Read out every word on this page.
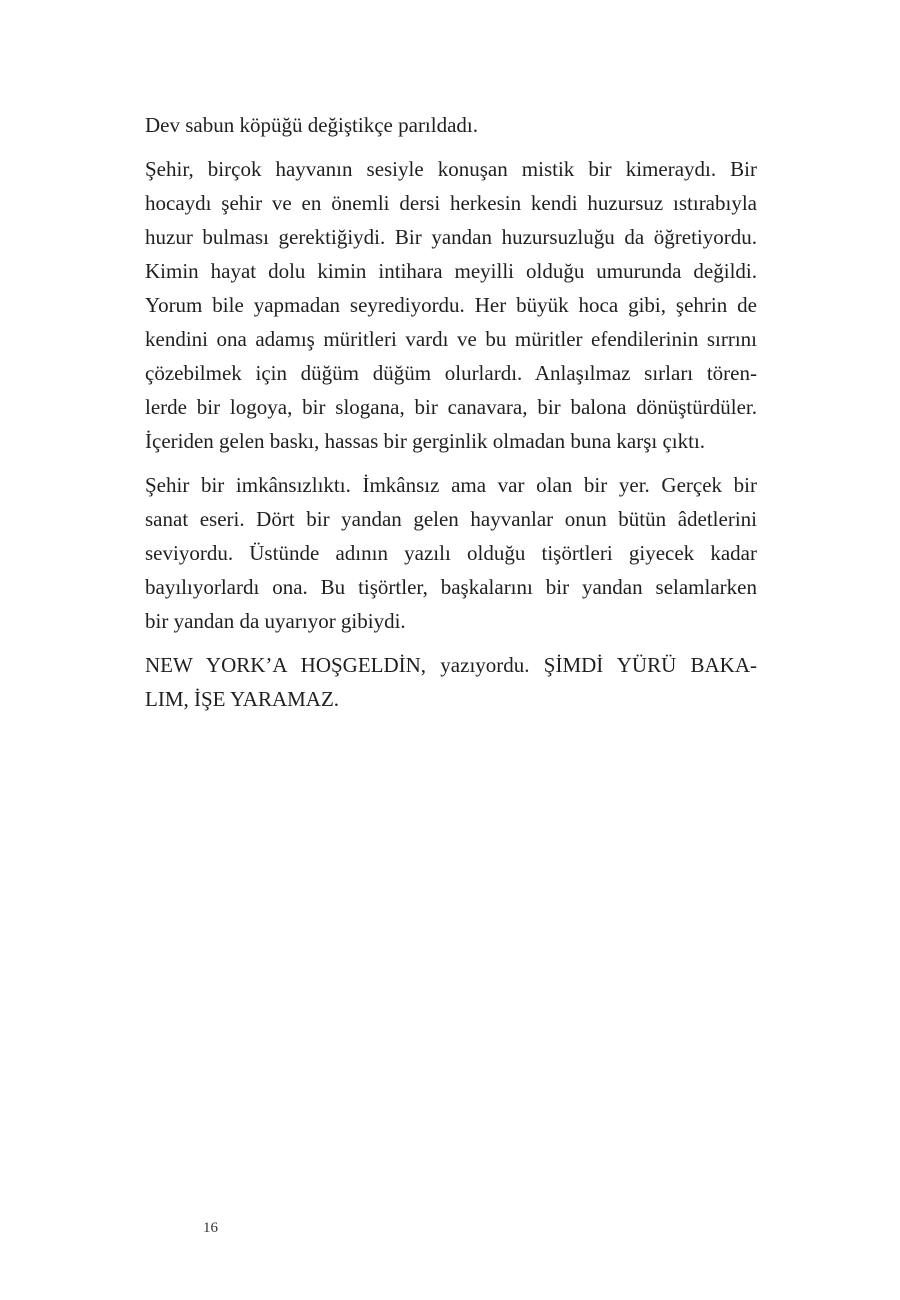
Dev sabun köpüğü değiştikçe parıldadı.

Şehir, birçok hayvanın sesiyle konuşan mistik bir kimeraydı. Bir
hocaydı şehir ve en önemli dersi herkesin kendi huzursuz ıstırabıyla
huzur bulması gerektiğiydi. Bir yandan huzursuzluğu da öğretiyordu.
Kimin hayat dolu kimin intihara meyilli olduğu umurunda değildi.
Yorum bile yapmadan seyrediyordu. Her büyük hoca gibi, şehrin de
kendini ona adamış müritleri vardı ve bu müritler efendilerinin sırrını
çözebilmek için düğüm düğüm olurlardı. Anlaşılmaz sırları tören-
lerde bir logoya, bir slogana, bir canavara, bir balona dönüştürdüler.
İçeriden gelen baskı, hassas bir gerginlik olmadan buna karşı çıktı.

Şehir bir imkânsızlıktı. İmkânsız ama var olan bir yer. Gerçek bir
sanat eseri. Dört bir yandan gelen hayvanlar onun bütün âdetlerini
seviyordu. Üstünde adının yazılı olduğu tişörtleri giyecek kadar
bayılıyorlardı ona. Bu tişörtler, başkalarını bir yandan selamlarken
bir yandan da uyarıyor gibiydi.

NEW YORK’A HOŞGELDİN, yazıyordu. ŞİMDİ YÜRÜ BAKA-
LIM, İŞE YARAMAZ.

16
